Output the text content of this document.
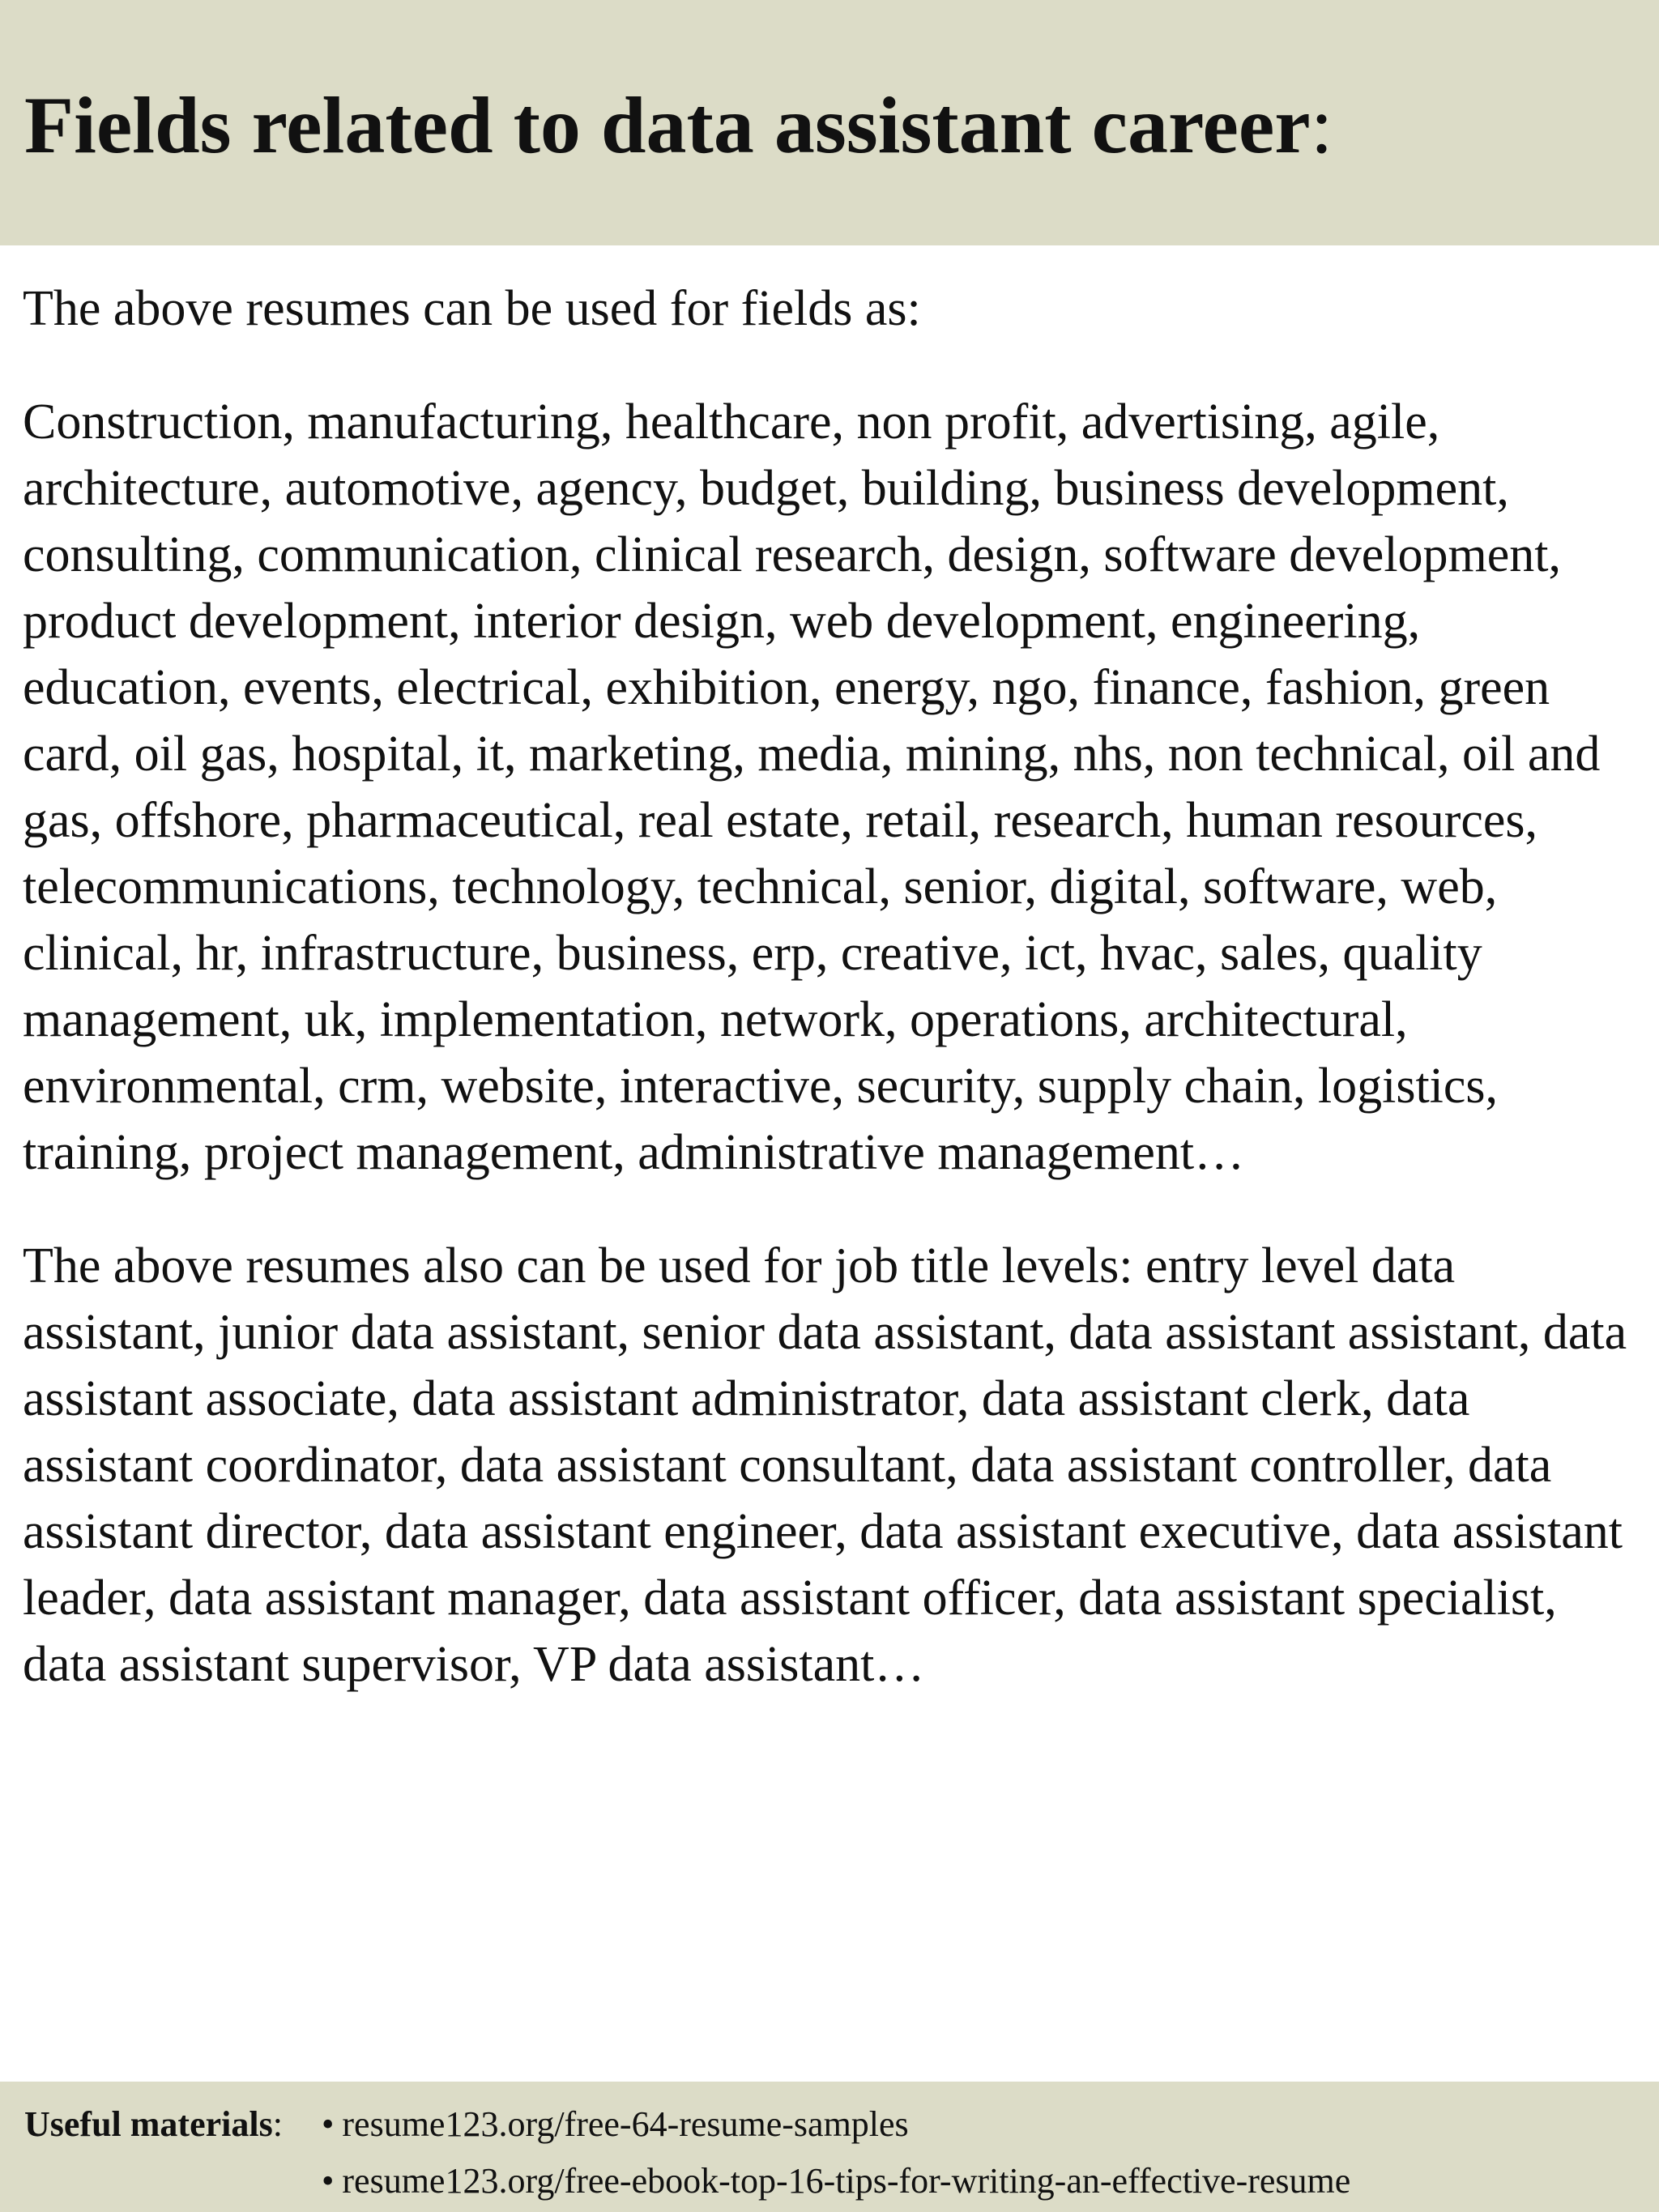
Fields related to data assistant career:

The above resumes can be used for fields as:

Construction, manufacturing, healthcare, non profit, advertising, agile, architecture, automotive, agency, budget, building, business development, consulting, communication, clinical research, design, software development, product development, interior design, web development, engineering, education, events, electrical, exhibition, energy, ngo, finance, fashion, green card, oil gas, hospital, it, marketing, media, mining, nhs, non technical, oil and gas, offshore, pharmaceutical, real estate, retail, research, human resources, telecommunications, technology, technical, senior, digital, software, web, clinical, hr, infrastructure, business, erp, creative, ict, hvac, sales, quality management, uk, implementation, network, operations, architectural, environmental, crm, website, interactive, security, supply chain, logistics, training, project management, administrative management…

The above resumes also can be used for job title levels: entry level data assistant, junior data assistant, senior data assistant, data assistant assistant, data assistant associate, data assistant administrator, data assistant clerk, data assistant coordinator, data assistant consultant, data assistant controller, data assistant director, data assistant engineer, data assistant executive, data assistant leader, data assistant manager, data assistant officer, data assistant specialist, data assistant supervisor, VP data assistant…

Useful materials: • resume123.org/free-64-resume-samples
• resume123.org/free-ebook-top-16-tips-for-writing-an-effective-resume
